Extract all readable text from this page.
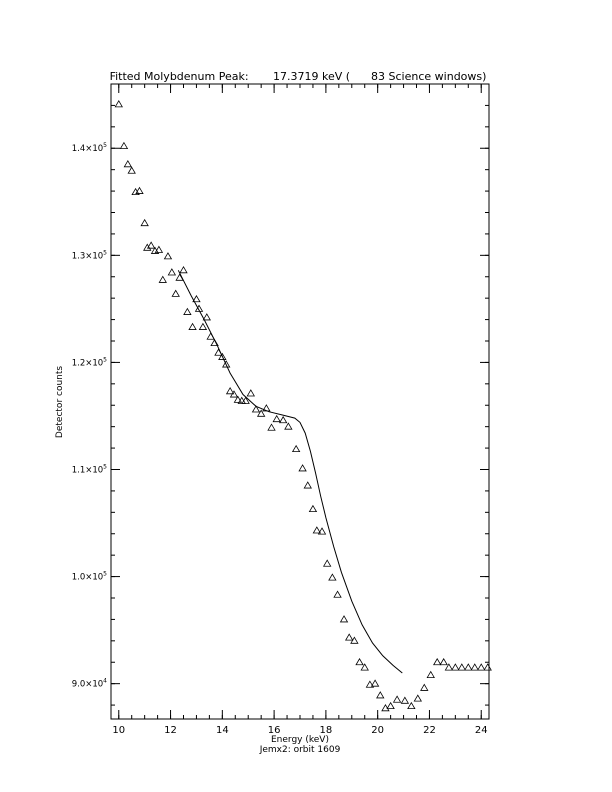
Fitted Molybdenum Peak:       17.3719 keV (      83 Science windows)
10	12	14	16	18	20	22	24
$9.0\times 10^4$
$1.0\times 10^5$
$1.1\times 10^5$
$1.2\times 10^5$
$1.3\times 10^5$
$1.4\times 10^5$
Energy (keV)
Jemx2: orbit 1609
Detector counts
